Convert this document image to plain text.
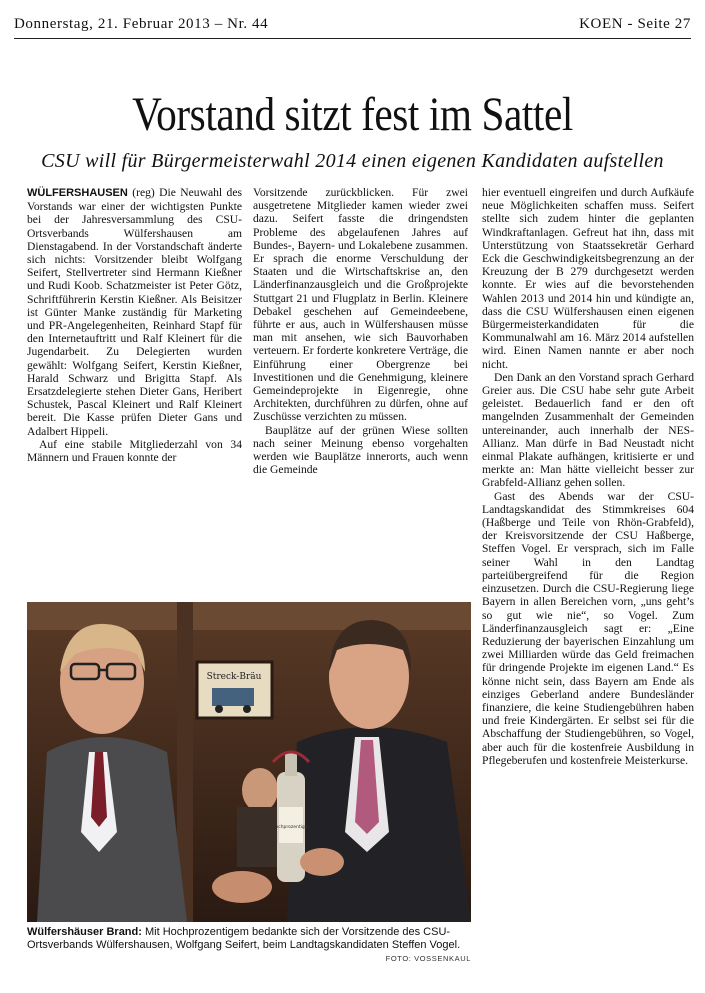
Donnerstag, 21. Februar 2013 – Nr. 44	KOEN - Seite 27
Vorstand sitzt fest im Sattel
CSU will für Bürgermeisterwahl 2014 einen eigenen Kandidaten aufstellen

WÜLFERSHAUSEN (reg) Die Neuwahl des Vorstands war einer der wichtigsten Punkte bei der Jahresversammlung des CSU-Ortsverbands Wülfershausen am Dienstagabend. In der Vorstandschaft änderte sich nichts: Vorsitzender bleibt Wolfgang Seifert, Stellvertreter sind Hermann Kießner und Rudi Koob. Schatzmeister ist Peter Götz, Schriftführerin Kerstin Kießner. Als Beisitzer ist Günter Manke zuständig für Marketing und PR-Angelegenheiten, Reinhard Stapf für den Internetauftritt und Ralf Kleinert für die Jugendarbeit. Zu Delegierten wurden gewählt: Wolfgang Seifert, Kerstin Kießner, Harald Schwarz und Brigitta Stapf. Als Ersatzdelegierte stehen Dieter Gans, Heribert Schustek, Pascal Kleinert und Ralf Kleinert bereit. Die Kasse prüfen Dieter Gans und Adalbert Hippeli.

Auf eine stabile Mitgliederzahl von 34 Männern und Frauen konnte der

Vorsitzende zurückblicken. Für zwei ausgetretene Mitglieder kamen wieder zwei dazu. Seifert fasste die dringendsten Probleme des abgelaufenen Jahres auf Bundes-, Bayern- und Lokalebene zusammen. Er sprach die enorme Verschuldung der Staaten und die Wirtschaftskrise an, den Länderfinanzausgleich und die Großprojekte Stuttgart 21 und Flugplatz in Berlin. Kleinere Debakel geschehen auf Gemeindeebene, führte er aus, auch in Wülfershausen müsse man mit ansehen, wie sich Bauvorhaben verteuern. Er forderte konkretere Verträge, die Einführung einer Obergrenze bei Investitionen und die Genehmigung, kleinere Gemeindeprojekte in Eigenregie, ohne Architekten, durchführen zu dürfen, ohne auf Zuschüsse verzichten zu müssen.

Bauplätze auf der grünen Wiese sollten nach seiner Meinung ebenso vorgehalten werden wie Bauplätze innerorts, auch wenn die Gemeinde

hier eventuell eingreifen und durch Aufkäufe neue Möglichkeiten schaffen muss. Seifert stellte sich zudem hinter die geplanten Windkraftanlagen. Gefreut hat ihn, dass mit Unterstützung von Staatssekretär Gerhard Eck die Geschwindigkeitsbegrenzung an der Kreuzung der B 279 durchgesetzt werden konnte. Er wies auf die bevorstehenden Wahlen 2013 und 2014 hin und kündigte an, dass die CSU Wülfershausen einen eigenen Bürgermeisterkandidaten für die Kommunalwahl am 16. März 2014 aufstellen wird. Einen Namen nannte er aber noch nicht.

Den Dank an den Vorstand sprach Gerhard Greier aus. Die CSU habe sehr gute Arbeit geleistet. Bedauerlich fand er den oft mangelnden Zusammenhalt der Gemeinden untereinander, auch innerhalb der NES-Allianz. Man dürfe in Bad Neustadt nicht einmal Plakate aufhängen, kritisierte er und merkte an: Man hätte vielleicht besser zur Grabfeld-Allianz gehen sollen.

Gast des Abends war der CSU-Landtagskandidat des Stimmkreises 604 (Haßberge und Teile von Rhön-Grabfeld), der Kreisvorsitzende der CSU Haßberge, Steffen Vogel. Er versprach, sich im Falle seiner Wahl in den Landtag parteiübergreifend für die Region einzusetzen. Durch die CSU-Regierung liege Bayern in allen Bereichen vorn, „uns geht’s so gut wie nie“, so Vogel. Zum Länderfinanzausgleich sagt er: „Eine Reduzierung der bayerischen Einzahlung um zwei Milliarden würde das Geld freimachen für dringende Projekte im eigenen Land.“ Es könne nicht sein, dass Bayern am Ende als einziges Geberland andere Bundesländer finanziere, die keine Studiengebühren haben und freie Kindergärten. Er selbst sei für die Abschaffung der Studiengebühren, so Vogel, aber auch für die kostenfreie Ausbildung in Pflegeberufen und kostenfreie Meisterkurse.

Streck-Bräu
Hochprozentiges
Wülfershäuser Brand: Mit Hochprozentigem bedankte sich der Vorsitzende des CSU-Ortsverbands Wülfershausen, Wolfgang Seifert, beim Landtagskandidaten Steffen Vogel.
FOTO: VOSSENKAUL
